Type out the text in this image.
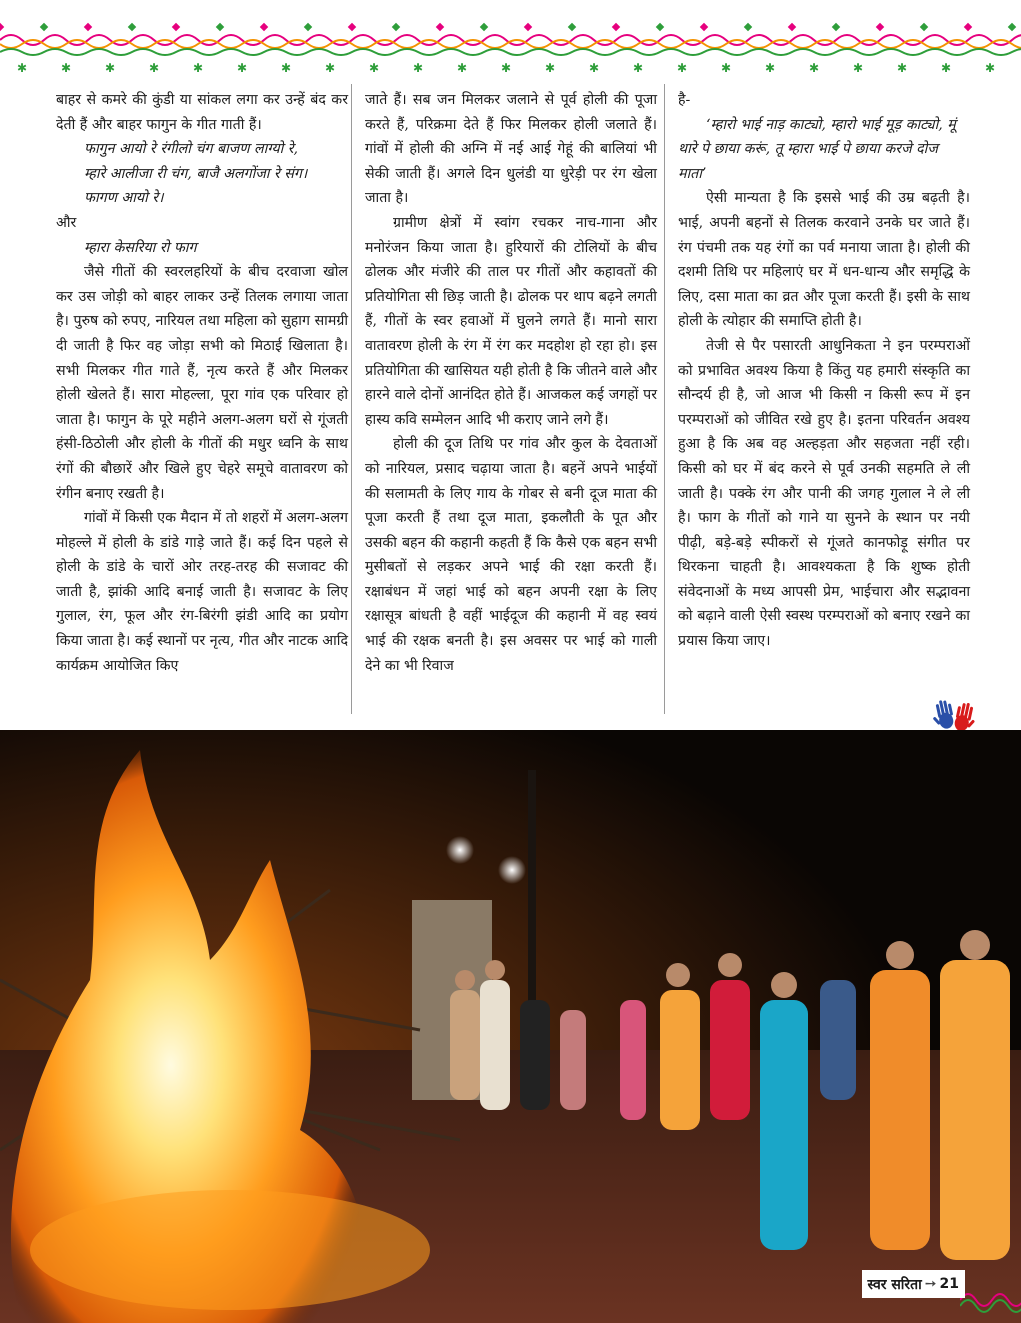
✱	✱	✱	✱	✱	✱	✱	✱	✱	✱	✱	✱	✱	✱	✱	✱	✱	✱	✱	✱	✱	✱	✱

बाहर से कमरे की कुंडी या सांकल लगा कर उन्हें बंद कर देती हैं और बाहर फागुन के गीत गाती हैं।

फागुन आयो रे रंगीलो चंग बाजण लाग्यो रे,

म्हारे आलीजा री चंग, बाजै अलगोंजा रे संग।

फागण आयो रे।

और

म्हारा केसरिया रो फाग

जैसे गीतों की स्वरलहरियों के बीच दरवाजा खोल कर उस जोड़ी को बाहर लाकर उन्हें तिलक लगाया जाता है। पुरुष को रुपए, नारियल तथा महिला को सुहाग सामग्री दी जाती है फिर वह जोड़ा सभी को मिठाई खिलाता है। सभी मिलकर गीत गाते हैं, नृत्य करते हैं और मिलकर होली खेलते हैं। सारा मोहल्ला, पूरा गांव एक परिवार हो जाता है। फागुन के पूरे महीने अलग-अलग घरों से गूंजती हंसी-ठिठोली और होली के गीतों की मधुर ध्वनि के साथ रंगों की बौछारें और खिले हुए चेहरे समूचे वातावरण को रंगीन बनाए रखती है।

गांवों में किसी एक मैदान में तो शहरों में अलग-अलग मोहल्ले में होली के डांडे गाड़े जाते हैं। कई दिन पहले से होली के डांडे के चारों ओर तरह-तरह की सजावट की जाती है, झांकी आदि बनाई जाती है। सजावट के लिए गुलाल, रंग, फूल और रंग-बिरंगी झंडी आदि का प्रयोग किया जाता है। कई स्थानों पर नृत्य, गीत और नाटक आदि कार्यक्रम आयोजित किए

जाते हैं। सब जन मिलकर जलाने से पूर्व होली की पूजा करते हैं, परिक्रमा देते हैं फिर मिलकर होली जलाते हैं। गांवों में होली की अग्नि में नई आई गेहूं की बालियां भी सेकी जाती हैं। अगले दिन धुलंडी या धुरेड़ी पर रंग खेला जाता है।

ग्रामीण क्षेत्रों में स्वांग रचकर नाच-गाना और मनोरंजन किया जाता है। हुरियारों की टोलियों के बीच ढोलक और मंजीरे की ताल पर गीतों और कहावतों की प्रतियोगिता सी छिड़ जाती है। ढोलक पर थाप बढ़ने लगती हैं, गीतों के स्वर हवाओं में घुलने लगते हैं। मानो सारा वातावरण होली के रंग में रंग कर मदहोश हो रहा हो। इस प्रतियोगिता की खासियत यही होती है कि जीतने वाले और हारने वाले दोनों आनंदित होते हैं। आजकल कई जगहों पर हास्य कवि सम्मेलन आदि भी कराए जाने लगे हैं।

होली की दूज तिथि पर गांव और कुल के देवताओं को नारियल, प्रसाद चढ़ाया जाता है। बहनें अपने भाईयों की सलामती के लिए गाय के गोबर से बनी दूज माता की पूजा करती हैं तथा दूज माता, इकलौती के पूत और उसकी बहन की कहानी कहती हैं कि कैसे एक बहन सभी मुसीबतों से लड़कर अपने भाई की रक्षा करती हैं। रक्षाबंधन में जहां भाई को बहन अपनी रक्षा के लिए रक्षासूत्र बांधती है वहीं भाईदूज की कहानी में वह स्वयं भाई की रक्षक बनती है। इस अवसर पर भाई को गाली देने का भी रिवाज

है-

‘म्हारो भाई नाड़ काट्यो, म्हारो भाई मूड़ काट्यो, मूं थारे पे छाया करूं, तू म्हारा भाई पे छाया करजे दोज माता’

ऐसी मान्यता है कि इससे भाई की उम्र बढ़ती है। भाई, अपनी बहनों से तिलक करवाने उनके घर जाते हैं। रंग पंचमी तक यह रंगों का पर्व मनाया जाता है। होली की दशमी तिथि पर महिलाएं घर में धन-धान्य और समृद्धि के लिए, दसा माता का व्रत और पूजा करती हैं। इसी के साथ होली के त्योहार की समाप्ति होती है।

तेजी से पैर पसारती आधुनिकता ने इन परम्पराओं को प्रभावित अवश्य किया है किंतु यह हमारी संस्कृति का सौन्दर्य ही है, जो आज भी किसी न किसी रूप में इन परम्पराओं को जीवित रखे हुए है। इतना परिवर्तन अवश्य हुआ है कि अब वह अल्हड़ता और सहजता नहीं रही। किसी को घर में बंद करने से पूर्व उनकी सहमति ले ली जाती है। पक्के रंग और पानी की जगह गुलाल ने ले ली है। फाग के गीतों को गाने या सुनने के स्थान पर नयी पीढ़ी, बड़े-बड़े स्पीकरों से गूंजते कानफोड़ू संगीत पर थिरकना चाहती है। आवश्यकता है कि शुष्क होती संवेदनाओं के मध्य आपसी प्रेम, भाईचारा और सद्भावना को बढ़ाने वाली ऐसी स्वस्थ परम्पराओं को बनाए रखने का प्रयास किया जाए।

स्वर सरिता ➙ 21
